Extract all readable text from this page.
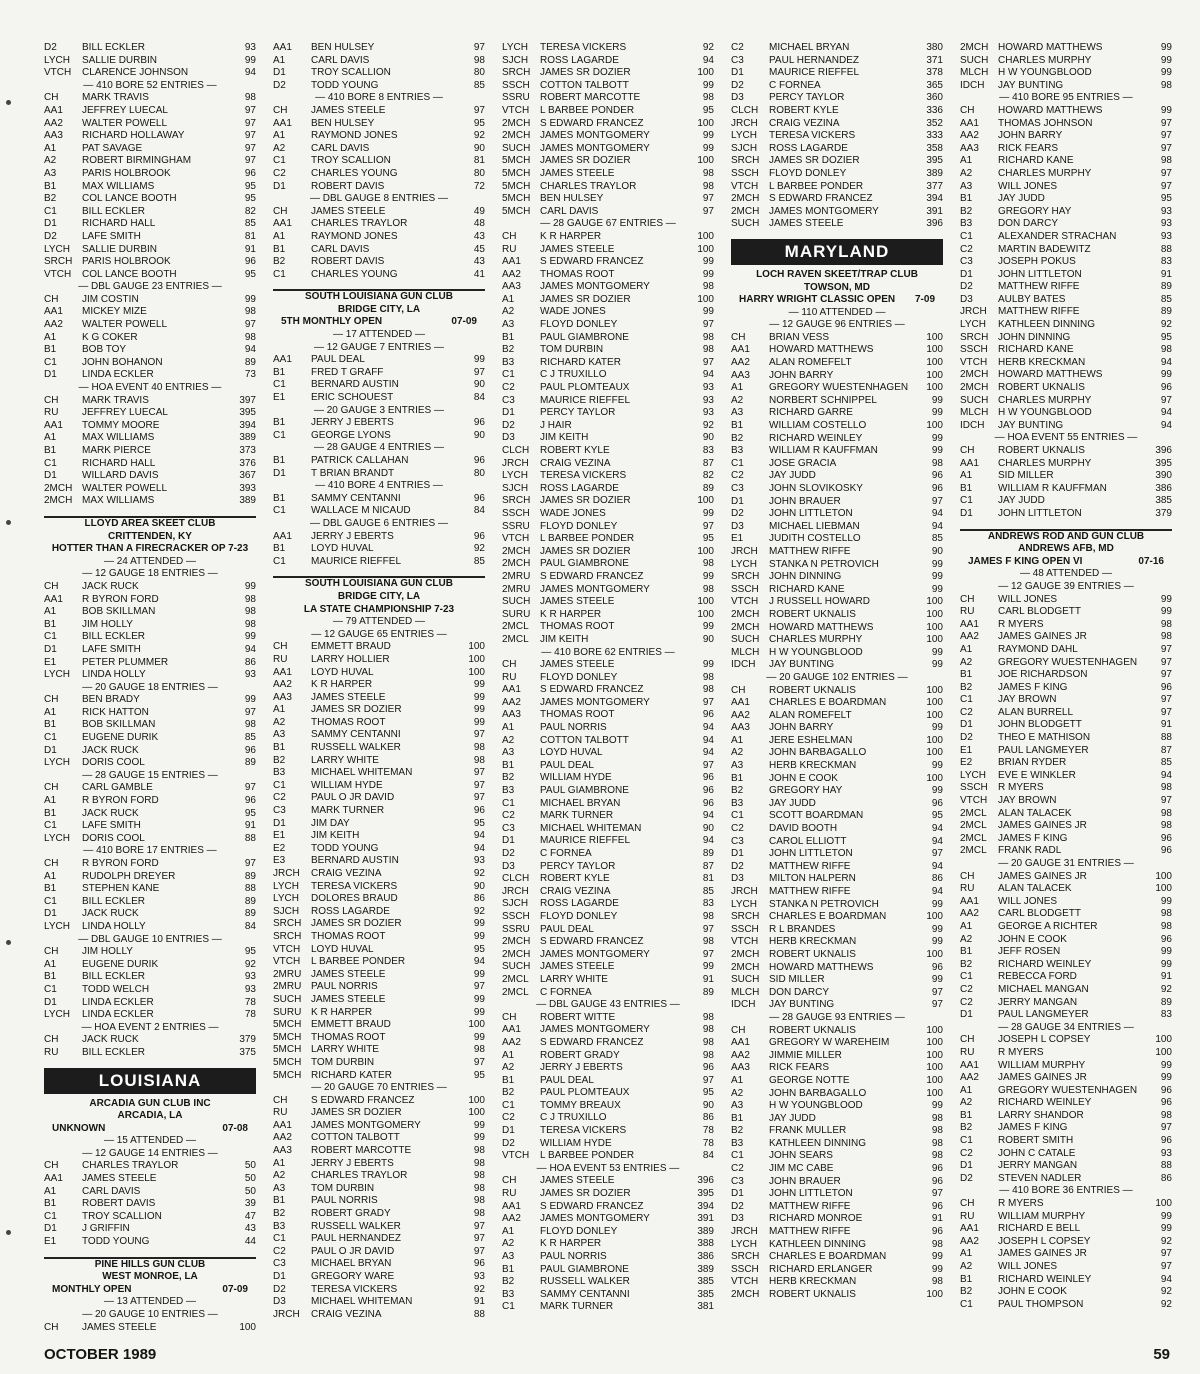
D2	BILL ECKLER	93
LYCH	SALLIE DURBIN	99
VTCH	CLARENCE JOHNSON	94
— 410 BORE 52 ENTRIES —
CH	MARK TRAVIS	98
AA1	JEFFREY LUECAL	97
AA2	WALTER POWELL	97
AA3	RICHARD HOLLAWAY	97
A1	PAT SAVAGE	97
A2	ROBERT BIRMINGHAM	97
A3	PARIS HOLBROOK	96
B1	MAX WILLIAMS	95
B2	COL LANCE BOOTH	95
C1	BILL ECKLER	82
D1	RICHARD HALL	85
D2	LAFE SMITH	81
LYCH	SALLIE DURBIN	91
SRCH PARIS HOLBROOK	96
VTCH	COL LANCE BOOTH	95
— DBL GAUGE 23 ENTRIES —
CH	JIM COSTIN	99
AA1	MICKEY MIZE	98
AA2	WALTER POWELL	97
A1	K G COKER	98
B1	BOB TOY	94
C1	JOHN BOHANON	89
D1	LINDA ECKLER	73
— HOA EVENT 40 ENTRIES —
CH	MARK TRAVIS	397
RU	JEFFREY LUECAL	395
AA1	TOMMY MOORE	394
A1	MAX WILLIAMS	389
B1	MARK PIERCE	373
C1	RICHARD HALL	376
D1	WILLARD DAVIS	367
2MCH WALTER POWELL	393
2MCH MAX WILLIAMS	389
LLOYD AREA SKEET CLUB
CRITTENDEN, KY
HOTTER THAN A FIRECRACKER OP 7-23
— 24 ATTENDED —
— 12 GAUGE 18 ENTRIES —
CH	JACK RUCK	99
AA1	R BYRON FORD	98
A1	BOB SKILLMAN	98
B1	JIM HOLLY	98
C1	BILL ECKLER	99
D1	LAFE SMITH	94
E1	PETER PLUMMER	86
LYCH	LINDA HOLLY	93
— 20 GAUGE 18 ENTRIES —
CH	BEN BRADY	99
A1	RICK HATTON	97
B1	BOB SKILLMAN	98
C1	EUGENE DURIK	85
D1	JACK RUCK	96
LYCH	DORIS COOL	89
— 28 GAUGE 15 ENTRIES —
CH	CARL GAMBLE	97
A1	R BYRON FORD	96
B1	JACK RUCK	95
C1	LAFE SMITH	91
LYCH	DORIS COOL	88
— 410 BORE 17 ENTRIES —
CH	R BYRON FORD	97
A1	RUDOLPH DREYER	89
B1	STEPHEN KANE	88
C1	BILL ECKLER	89
D1	JACK RUCK	89
LYCH	LINDA HOLLY	84
— DBL GAUGE 10 ENTRIES —
CH	JIM HOLLY	95
A1	EUGENE DURIK	92
B1	BILL ECKLER	93
C1	TODD WELCH	93
D1	LINDA ECKLER	78
LYCH	LINDA ECKLER	78
— HOA EVENT 2 ENTRIES —
CH	JACK RUCK	379
RU	BILL ECKLER	375
LOUISIANA
ARCADIA GUN CLUB INC
ARCADIA, LA
UNKNOWN	07-08
— 15 ATTENDED —
— 12 GAUGE 14 ENTRIES —
CH	CHARLES TRAYLOR	50
AA1	JAMES STEELE	50
A1	CARL DAVIS	50
B1	ROBERT DAVIS	39
C1	TROY SCALLION	47
D1	J GRIFFIN	43
E1	TODD YOUNG	44
PINE HILLS GUN CLUB
WEST MONROE, LA
MONTHLY OPEN	07-09
— 13 ATTENDED —
— 20 GAUGE 10 ENTRIES —
CH	JAMES STEELE	100
AA1	BEN HULSEY	97
A1	CARL DAVIS	98
D1	TROY SCALLION	80
D2	TODD YOUNG	85
— 410 BORE 8 ENTRIES —
CH	JAMES STEELE	97
AA1	BEN HULSEY	95
A1	RAYMOND JONES	92
A2	CARL DAVIS	90
C1	TROY SCALLION	81
C2	CHARLES YOUNG	80
D1	ROBERT DAVIS	72
— DBL GAUGE 8 ENTRIES —
CH	JAMES STEELE	49
AA1	CHARLES TRAYLOR	48
A1	RAYMOND JONES	43
B1	CARL DAVIS	45
B2	ROBERT DAVIS	43
C1	CHARLES YOUNG	41
SOUTH LOUISIANA GUN CLUB
BRIDGE CITY, LA
5TH MONTHLY OPEN	07-09
— 17 ATTENDED —
— 12 GAUGE 7 ENTRIES —
AA1	PAUL DEAL	99
B1	FRED T GRAFF	97
C1	BERNARD AUSTIN	90
E1	ERIC SCHOUEST	84
— 20 GAUGE 3 ENTRIES —
B1	JERRY J EBERTS	96
C1	GEORGE LYONS	90
— 28 GAUGE 4 ENTRIES —
B1	PATRICK CALLAHAN	96
D1	T BRIAN BRANDT	80
— 410 BORE 4 ENTRIES —
B1	SAMMY CENTANNI	96
C1	WALLACE M NICAUD	84
— DBL GAUGE 6 ENTRIES —
AA1	JERRY J EBERTS	96
B1	LOYD HUVAL	92
C1	MAURICE RIEFFEL	85
SOUTH LOUISIANA GUN CLUB
BRIDGE CITY, LA
LA STATE CHAMPIONSHIP 7-23
— 79 ATTENDED —
— 12 GAUGE 65 ENTRIES —
CH	EMMETT BRAUD	100
RU	LARRY HOLLIER	100
AA1	LOYD HUVAL	100
AA2	K R HARPER	99
AA3	JAMES STEELE	99
A1	JAMES SR DOZIER	99
A2	THOMAS ROOT	99
A3	SAMMY CENTANNI	97
B1	RUSSELL WALKER	98
B2	LARRY WHITE	98
B3	MICHAEL WHITEMAN	97
C1	WILLIAM HYDE	97
C2	PAUL O JR DAVID	97
C3	MARK TURNER	96
D1	JIM DAY	95
E1	JIM KEITH	94
E2	TODD YOUNG	94
E3	BERNARD AUSTIN	93
JRCH	CRAIG VEZINA	92
LYCH	TERESA VICKERS	90
LYCH	DOLORES BRAUD	86
SJCH	ROSS LAGARDE	92
SRCH JAMES SR DOZIER	99
SRCH THOMAS ROOT	99
VTCH	LOYD HUVAL	95
VTCH	L BARBEE PONDER	94
2MRU JAMES STEELE	99
2MRU PAUL NORRIS	97
SUCH JAMES STEELE	99
SURU K R HARPER	99
5MCH EMMETT BRAUD	100
5MCH THOMAS ROOT	99
5MCH LARRY WHITE	98
5MCH TOM DURBIN	97
5MCH RICHARD KATER	95
— 20 GAUGE 70 ENTRIES —
CH	S EDWARD FRANCEZ	100
RU	JAMES SR DOZIER	100
AA1	JAMES MONTGOMERY	99
AA2	COTTON TALBOTT	99
AA3	ROBERT MARCOTTE	98
A1	JERRY J EBERTS	98
A2	CHARLES TRAYLOR	98
A3	TOM DURBIN	98
B1	PAUL NORRIS	98
B2	ROBERT GRADY	98
B3	RUSSELL WALKER	97
C1	PAUL HERNANDEZ	97
C2	PAUL O JR DAVID	97
C3	MICHAEL BRYAN	96
D1	GREGORY WARE	93
D2	TERESA VICKERS	92
D3	MICHAEL WHITEMAN	91
JRCH	CRAIG VEZINA	88
LYCH	TERESA VICKERS	92
SJCH	ROSS LAGARDE	94
SRCH JAMES SR DOZIER	100
SSCH	COTTON TALBOTT	99
SSRU	ROBERT MARCOTTE	98
VTCH	L BARBEE PONDER	95
2MCH S EDWARD FRANCEZ	100
2MCH JAMES MONTGOMERY	99
SUCH JAMES MONTGOMERY	99
5MCH JAMES SR DOZIER	100
5MCH JAMES STEELE	98
5MCH CHARLES TRAYLOR	98
5MCH BEN HULSEY	97
5MCH CARL DAVIS	97
— 28 GAUGE 67 ENTRIES —
CH	K R HARPER	100
RU	JAMES STEELE	100
AA1	S EDWARD FRANCEZ	99
AA2	THOMAS ROOT	99
AA3	JAMES MONTGOMERY	98
A1	JAMES SR DOZIER	100
A2	WADE JONES	99
A3	FLOYD DONLEY	97
B1	PAUL GIAMBRONE	98
B2	TOM DURBIN	98
B3	RICHARD KATER	97
C1	C J TRUXILLO	94
C2	PAUL PLOMTEAUX	93
C3	MAURICE RIEFFEL	93
D1	PERCY TAYLOR	93
D2	J HAIR	92
D3	JIM KEITH	90
CLCH	ROBERT KYLE	83
JRCH	CRAIG VEZINA	87
LYCH	TERESA VICKERS	82
SJCH	ROSS LAGARDE	89
SRCH JAMES SR DOZIER	100
SSCH	WADE JONES	99
SSRU	FLOYD DONLEY	97
VTCH	L BARBEE PONDER	95
2MCH JAMES SR DOZIER	100
2MCH PAUL GIAMBRONE	98
2MRU S EDWARD FRANCEZ	99
2MRU JAMES MONTGOMERY	98
SUCH JAMES STEELE	100
SURU K R HARPER	100
2MCL	THOMAS ROOT	99
2MCL	JIM KEITH	90
— 410 BORE 62 ENTRIES —
CH	JAMES STEELE	99
RU	FLOYD DONLEY	98
AA1	S EDWARD FRANCEZ	98
AA2	JAMES MONTGOMERY	97
AA3	THOMAS ROOT	96
A1	PAUL NORRIS	94
A2	COTTON TALBOTT	94
A3	LOYD HUVAL	94
B1	PAUL DEAL	97
B2	WILLIAM HYDE	96
B3	PAUL GIAMBRONE	96
C1	MICHAEL BRYAN	96
C2	MARK TURNER	94
C3	MICHAEL WHITEMAN	90
D1	MAURICE RIEFFEL	94
D2	C FORNEA	89
D3	PERCY TAYLOR	87
CLCH	ROBERT KYLE	81
JRCH	CRAIG VEZINA	85
SJCH	ROSS LAGARDE	83
SSCH	FLOYD DONLEY	98
SSRU	PAUL DEAL	97
2MCH S EDWARD FRANCEZ	98
2MCH JAMES MONTGOMERY	97
SUCH JAMES STEELE	99
2MCL	LARRY WHITE	91
2MCL	C FORNEA	89
— DBL GAUGE 43 ENTRIES —
CH	ROBERT WITTE	98
AA1	JAMES MONTGOMERY	98
AA2	S EDWARD FRANCEZ	98
A1	ROBERT GRADY	98
A2	JERRY J EBERTS	96
B1	PAUL DEAL	97
B2	PAUL PLOMTEAUX	95
C1	TOMMY BREAUX	90
C2	C J TRUXILLO	86
D1	TERESA VICKERS	78
D2	WILLIAM HYDE	78
VTCH	L BARBEE PONDER	84
— HOA EVENT 53 ENTRIES —
CH	JAMES STEELE	396
RU	JAMES SR DOZIER	395
AA1	S EDWARD FRANCEZ	394
AA2	JAMES MONTGOMERY	391
A1	FLOYD DONLEY	389
A2	K R HARPER	388
A3	PAUL NORRIS	386
B1	PAUL GIAMBRONE	389
B2	RUSSELL WALKER	385
B3	SAMMY CENTANNI	385
C1	MARK TURNER	381
C2	MICHAEL BRYAN	380
C3	PAUL HERNANDEZ	371
D1	MAURICE RIEFFEL	378
D2	C FORNEA	365
D3	PERCY TAYLOR	360
CLCH	ROBERT KYLE	336
JRCH	CRAIG VEZINA	352
LYCH	TERESA VICKERS	333
SJCH	ROSS LAGARDE	358
SRCH JAMES SR DOZIER	395
SSCH	FLOYD DONLEY	389
VTCH	L BARBEE PONDER	377
2MCH S EDWARD FRANCEZ	394
2MCH JAMES MONTGOMERY	391
SUCH JAMES STEELE	396
MARYLAND
LOCH RAVEN SKEET/TRAP CLUB
TOWSON, MD
HARRY WRIGHT CLASSIC OPEN 7-09
— 110 ATTENDED —
— 12 GAUGE 96 ENTRIES —
CH	BRIAN VESS	100
AA1	HOWARD MATTHEWS	100
AA2	ALAN ROMEFELT	100
AA3	JOHN BARRY	100
A1	GREGORY WUESTENHAGEN	100
A2	NORBERT SCHNIPPEL	99
A3	RICHARD GARRE	99
B1	WILLIAM COSTELLO	100
B2	RICHARD WEINLEY	99
B3	WILLIAM R KAUFFMAN	99
C1	JOSE GRACIA	98
C2	JAY JUDD	96
C3	JOHN SLOVIKOSKY	96
D1	JOHN BRAUER	97
D2	JOHN LITTLETON	94
D3	MICHAEL LIEBMAN	94
E1	JUDITH COSTELLO	85
JRCH	MATTHEW RIFFE	90
LYCH	STANKA N PETROVICH	99
SRCH JOHN DINNING	99
SSCH	RICHARD KANE	99
VTCH	J RUSSELL HOWARD	100
2MCH ROBERT UKNALIS	100
2MCH HOWARD MATTHEWS	100
SUCH CHARLES MURPHY	100
MLCH H W YOUNGBLOOD	99
IDCH	JAY BUNTING	99
— 20 GAUGE 102 ENTRIES —
CH	ROBERT UKNALIS	100
AA1	CHARLES E BOARDMAN	100
AA2	ALAN ROMEFELT	100
AA3	JOHN BARRY	99
A1	JERE ESHELMAN	100
A2	JOHN BARBAGALLO	100
A3	HERB KRECKMAN	99
B1	JOHN E COOK	100
B2	GREGORY HAY	99
B3	JAY JUDD	96
C1	SCOTT BOARDMAN	95
C2	DAVID BOOTH	94
C3	CAROL ELLIOTT	94
D1	JOHN LITTLETON	97
D2	MATTHEW RIFFE	94
D3	MILTON HALPERN	86
JRCH	MATTHEW RIFFE	94
LYCH	STANKA N PETROVICH	99
SRCH CHARLES E BOARDMAN	100
SSCH	R L BRANDES	99
VTCH	HERB KRECKMAN	99
2MCH ROBERT UKNALIS	100
2MCH HOWARD MATTHEWS	96
SUCH SID MILLER	99
MLCH DON DARCY	97
IDCH	JAY BUNTING	97
— 28 GAUGE 93 ENTRIES —
CH	ROBERT UKNALIS	100
AA1	GREGORY W WAREHEIM	100
AA2	JIMMIE MILLER	100
AA3	RICK FEARS	100
A1	GEORGE NOTTE	100
A2	JOHN BARBAGALLO	100
A3	H W YOUNGBLOOD	99
B1	JAY JUDD	98
B2	FRANK MULLER	98
B3	KATHLEEN DINNING	98
C1	JOHN SEARS	98
C2	JIM MC CABE	96
C3	JOHN BRAUER	96
D1	JOHN LITTLETON	97
D2	MATTHEW RIFFE	96
D3	RICHARD MONROE	91
JRCH	MATTHEW RIFFE	96
LYCH	KATHLEEN DINNING	98
SRCH CHARLES E BOARDMAN	99
SSCH	RICHARD ERLANGER	99
VTCH	HERB KRECKMAN	98
2MCH ROBERT UKNALIS	100
2MCH HOWARD MATTHEWS	99
SUCH CHARLES MURPHY	99
MLCH H W YOUNGBLOOD	99
IDCH	JAY BUNTING	98
— 410 BORE 95 ENTRIES —
CH	HOWARD MATTHEWS	99
AA1	THOMAS JOHNSON	97
AA2	JOHN BARRY	97
AA3	RICK FEARS	97
A1	RICHARD KANE	98
A2	CHARLES MURPHY	97
A3	WILL JONES	97
B1	JAY JUDD	95
B2	GREGORY HAY	93
B3	DON DARCY	93
C1	ALEXANDER STRACHAN	93
C2	MARTIN BADEWITZ	88
C3	JOSEPH POKUS	83
D1	JOHN LITTLETON	91
D2	MATTHEW RIFFE	89
D3	AULBY BATES	85
JRCH	MATTHEW RIFFE	89
LYCH	KATHLEEN DINNING	92
SRCH JOHN DINNING	95
SSCH	RICHARD KANE	98
VTCH	HERB KRECKMAN	94
2MCH HOWARD MATTHEWS	99
2MCH ROBERT UKNALIS	96
SUCH CHARLES MURPHY	97
MLCH H W YOUNGBLOOD	94
IDCH	JAY BUNTING	94
— HOA EVENT 55 ENTRIES —
CH	ROBERT UKNALIS	396
AA1	CHARLES MURPHY	395
A1	SID MILLER	390
B1	WILLIAM R KAUFFMAN	386
C1	JAY JUDD	385
D1	JOHN LITTLETON	379
ANDREWS ROD AND GUN CLUB
ANDREWS AFB, MD
JAMES F KING OPEN VI	07-16
— 48 ATTENDED —
— 12 GAUGE 39 ENTRIES —
CH	WILL JONES	99
RU	CARL BLODGETT	99
AA1	R MYERS	98
AA2	JAMES GAINES JR	98
A1	RAYMOND DAHL	97
A2	GREGORY WUESTENHAGEN	97
B1	JOE RICHARDSON	97
B2	JAMES F KING	96
C1	JAY BROWN	97
C2	ALAN BURRELL	97
D1	JOHN BLODGETT	91
D2	THEO E MATHISON	88
E1	PAUL LANGMEYER	87
E2	BRIAN RYDER	85
LYCH	EVE E WINKLER	94
SSCH	R MYERS	98
VTCH	JAY BROWN	97
2MCL	ALAN TALACEK	98
2MCL	JAMES GAINES JR	98
2MCL	JAMES F KING	96
2MCL	FRANK RADL	96
— 20 GAUGE 31 ENTRIES —
CH	JAMES GAINES JR	100
RU	ALAN TALACEK	100
AA1	WILL JONES	99
AA2	CARL BLODGETT	98
A1	GEORGE A RICHTER	98
A2	JOHN E COOK	96
B1	JEFF ROSEN	99
B2	RICHARD WEINLEY	99
C1	REBECCA FORD	91
C2	MICHAEL MANGAN	92
C2	JERRY MANGAN	89
D1	PAUL LANGMEYER	83
— 28 GAUGE 34 ENTRIES —
CH	JOSEPH L COPSEY	100
RU	R MYERS	100
AA1	WILLIAM MURPHY	99
AA2	JAMES GAINES JR	99
A1	GREGORY WUESTENHAGEN	96
A2	RICHARD WEINLEY	96
B1	LARRY SHANDOR	98
B2	JAMES F KING	97
C1	ROBERT SMITH	96
C2	JOHN C CATALE	93
D1	JERRY MANGAN	88
D2	STEVEN NADLER	86
— 410 BORE 36 ENTRIES —
CH	R MYERS	100
RU	WILLIAM MURPHY	99
AA1	RICHARD E BELL	99
AA2	JOSEPH L COPSEY	92
A1	JAMES GAINES JR	97
A2	WILL JONES	97
B1	RICHARD WEINLEY	94
B2	JOHN E COOK	92
C1	PAUL THOMPSON	92
OCTOBER 1989	59
